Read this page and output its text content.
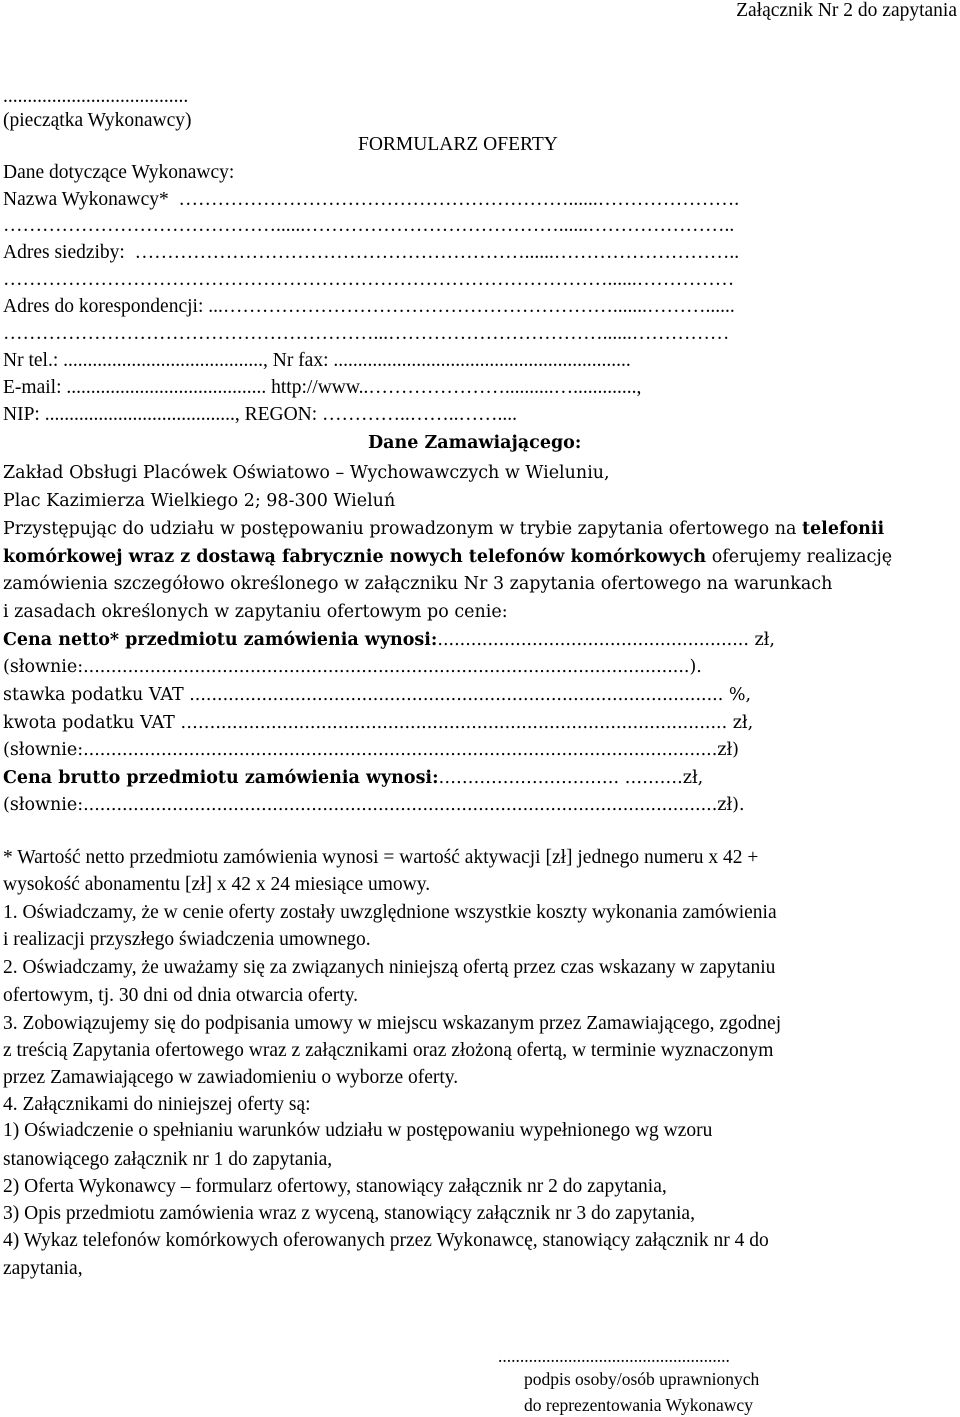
Załącznik Nr 2 do zapytania
......................................
(pieczątka Wykonawcy)
FORMULARZ OFERTY
Dane dotyczące Wykonawcy:
Nazwa Wykonawcy*  ……………………………………………………......………………….
……………………………………......…………………………………......…………………..
Adres siedziby:  ……………………………………………………......………………………..
…………………………………………………………………………………......……………
Adres do korespondencji: ...…………………………………………………….......………......
…………………………………………………...……………………………......……………
Nr tel.: ........................................., Nr fax: .............................................................
E-mail: ......................................... http://www..…………………..........….............,
NIP: ......................................., REGON: …………..……..……....
Dane Zamawiającego:
Zakład Obsługi Placówek Oświatowo – Wychowawczych w Wieluniu,
Plac Kazimierza Wielkiego 2; 98-300 Wieluń
Przystępując do udziału w postępowaniu prowadzonym w trybie zapytania ofertowego na telefonii
komórkowej wraz z dostawą fabrycznie nowych telefonów komórkowych oferujemy realizację
zamówienia szczegółowo określonego w załączniku Nr 3 zapytania ofertowego na warunkach
i zasadach określonych w zapytaniu ofertowym po cenie:
Cena netto* przedmiotu zamówienia wynosi:........................................................ zł,
(słownie:.............................................................................................................).
stawka podatku VAT ................................................................................................ %,
kwota podatku VAT ……............................................................................................ zł,
(słownie:..................................................................................................................zł)
Cena brutto przedmiotu zamówienia wynosi:…………………………. ……….zł,
(słownie:..................................................................................................................zł).
* Wartość netto przedmiotu zamówienia wynosi = wartość aktywacji [zł] jednego numeru x 42 +
wysokość abonamentu [zł] x 42 x 24 miesiące umowy.
1. Oświadczamy, że w cenie oferty zostały uwzględnione wszystkie koszty wykonania zamówienia
i realizacji przyszłego świadczenia umownego.
2. Oświadczamy, że uważamy się za związanych niniejszą ofertą przez czas wskazany w zapytaniu
ofertowym, tj. 30 dni od dnia otwarcia oferty.
3. Zobowiązujemy się do podpisania umowy w miejscu wskazanym przez Zamawiającego, zgodnej
z treścią Zapytania ofertowego wraz z załącznikami oraz złożoną ofertą, w terminie wyznaczonym
przez Zamawiającego w zawiadomieniu o wyborze oferty.
4. Załącznikami do niniejszej oferty są:
1) Oświadczenie o spełnianiu warunków udziału w postępowaniu wypełnionego wg wzoru
stanowiącego załącznik nr 1 do zapytania,
2) Oferta Wykonawcy – formularz ofertowy, stanowiący załącznik nr 2 do zapytania,
3) Opis przedmiotu zamówienia wraz z wyceną, stanowiący załącznik nr 3 do zapytania,
4) Wykaz telefonów komórkowych oferowanych przez Wykonawcę, stanowiący załącznik nr 4 do
zapytania,
.....................................................
podpis osoby/osób uprawnionych
do reprezentowania Wykonawcy
